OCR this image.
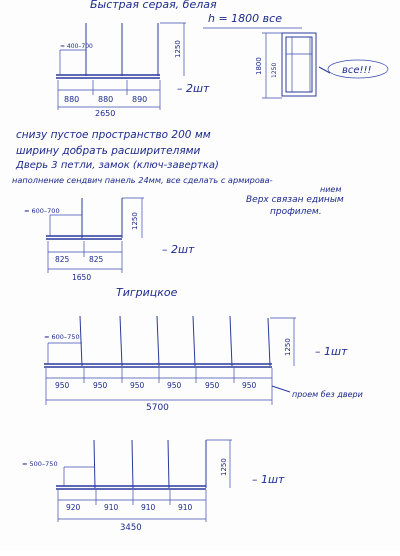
Быстрая серая, белая
≈ 400–700	1250
880 880 890
2650
– 2шт
h = 1800 все
1250
1800	все!!!
снизу пустое пространство 200 мм
ширину добрать расширителями
Дверь 3 петли, замок (ключ-завертка)
наполнение сендвич панель 24мм, все сделать с армирова-
нием
Верх связан единым
профилем.
≈ 600–700
1250
825	825
1650
– 2шт
Тигрицкое
≈ 600–750
1250
950	950	950	950	950	950
5700
– 1шт
проем без двери
≈ 500–750	1250
920	910	910	910
3450
– 1шт
